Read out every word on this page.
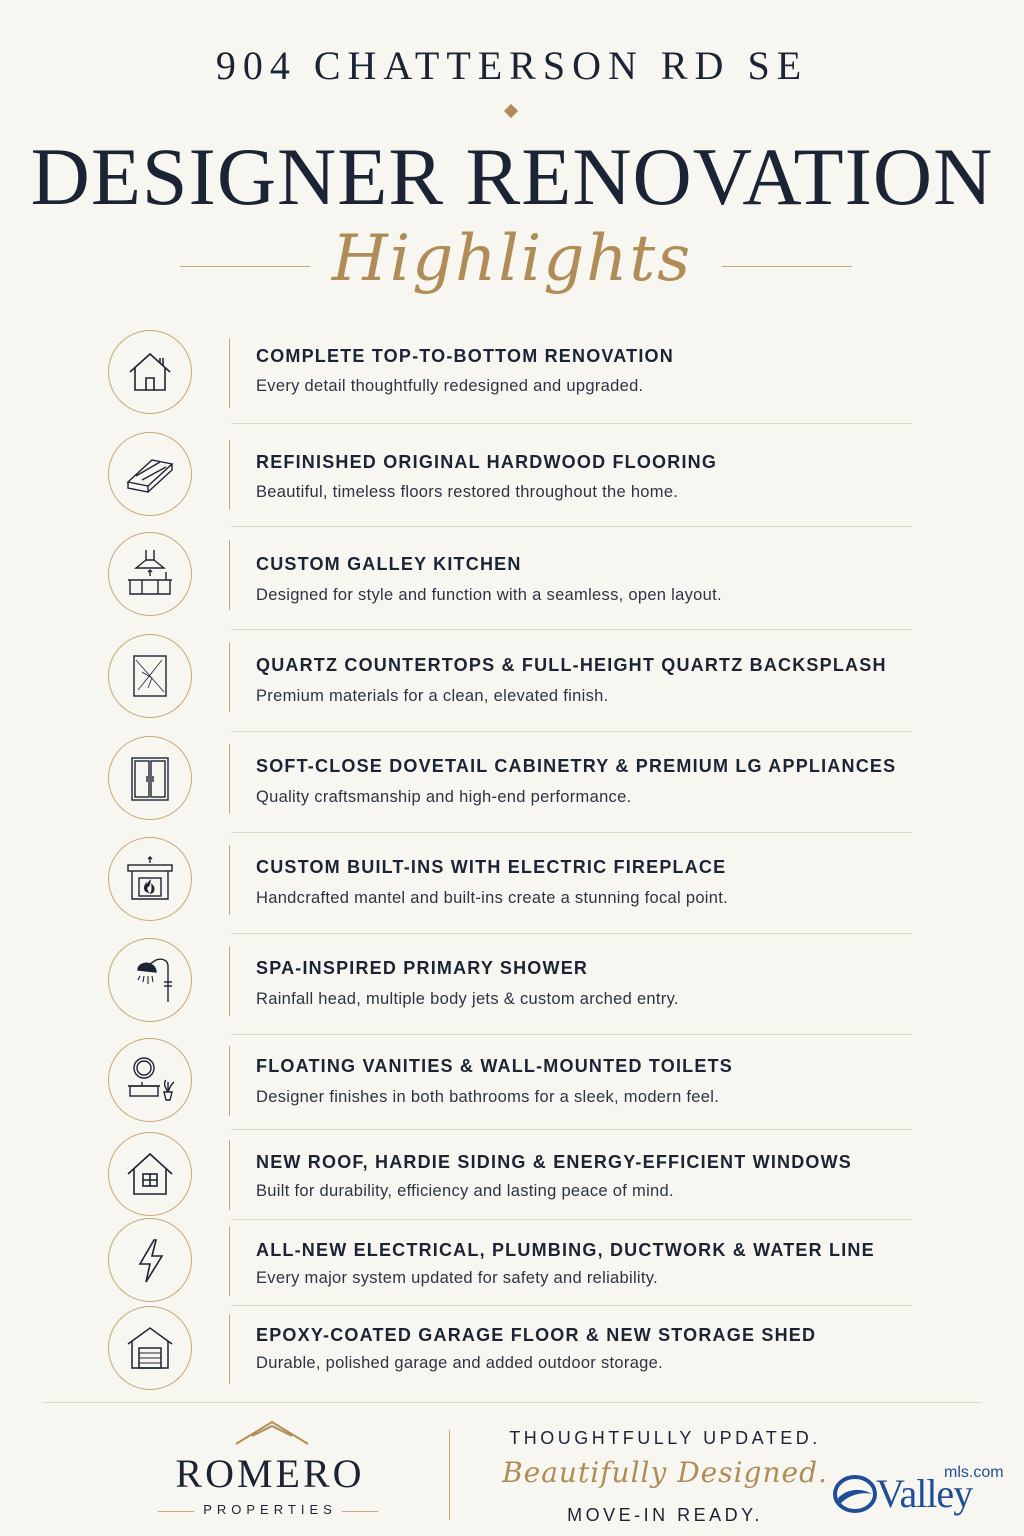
904 CHATTERSON RD SE
DESIGNER RENOVATION
Highlights
COMPLETE TOP-TO-BOTTOM RENOVATION
Every detail thoughtfully redesigned and upgraded.
REFINISHED ORIGINAL HARDWOOD FLOORING
Beautiful, timeless floors restored throughout the home.
CUSTOM GALLEY KITCHEN
Designed for style and function with a seamless, open layout.
QUARTZ COUNTERTOPS & FULL-HEIGHT QUARTZ BACKSPLASH
Premium materials for a clean, elevated finish.
SOFT-CLOSE DOVETAIL CABINETRY & PREMIUM LG APPLIANCES
Quality craftsmanship and high-end performance.
CUSTOM BUILT-INS WITH ELECTRIC FIREPLACE
Handcrafted mantel and built-ins create a stunning focal point.
SPA-INSPIRED PRIMARY SHOWER
Rainfall head, multiple body jets & custom arched entry.
FLOATING VANITIES & WALL-MOUNTED TOILETS
Designer finishes in both bathrooms for a sleek, modern feel.
NEW ROOF, HARDIE SIDING & ENERGY-EFFICIENT WINDOWS
Built for durability, efficiency and lasting peace of mind.
ALL-NEW ELECTRICAL, PLUMBING, DUCTWORK & WATER LINE
Every major system updated for safety and reliability.
EPOXY-COATED GARAGE FLOOR & NEW STORAGE SHED
Durable, polished garage and added outdoor storage.
ROMERO
PROPERTIES
THOUGHTFULLY UPDATED.
Beautifully Designed.
MOVE-IN READY.	Valley
mls.com
